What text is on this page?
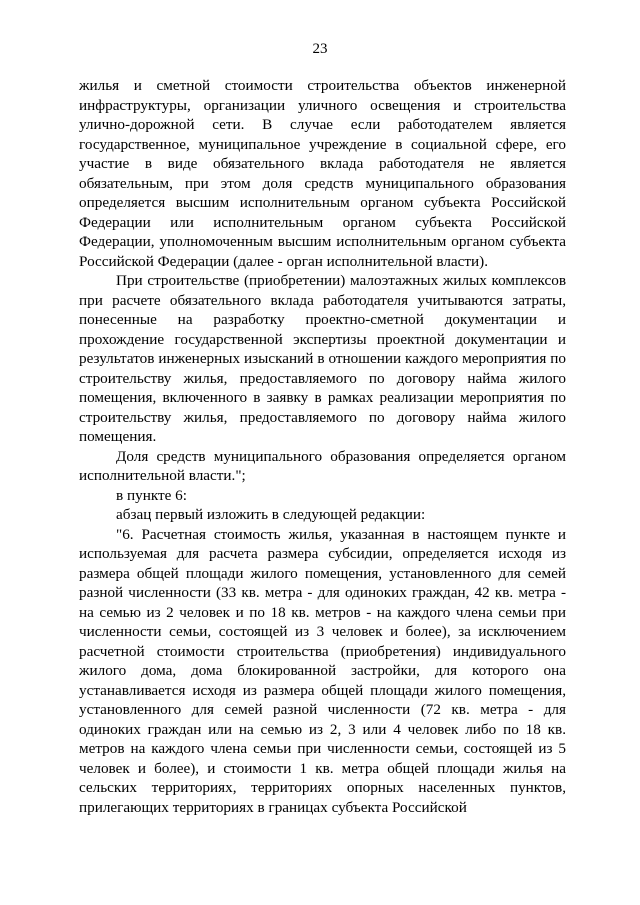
23

жилья и сметной стоимости строительства объектов инженерной инфраструктуры, организации уличного освещения и строительства улично-дорожной сети. В случае если работодателем является государственное, муниципальное учреждение в социальной сфере, его участие в виде обязательного вклада работодателя не является обязательным, при этом доля средств муниципального образования определяется высшим исполнительным органом субъекта Российской Федерации или исполнительным органом субъекта Российской Федерации, уполномоченным высшим исполнительным органом субъекта Российской Федерации (далее - орган исполнительной власти).

При строительстве (приобретении) малоэтажных жилых комплексов при расчете обязательного вклада работодателя учитываются затраты, понесенные на разработку проектно-сметной документации и прохождение государственной экспертизы проектной документации и результатов инженерных изысканий в отношении каждого мероприятия по строительству жилья, предоставляемого по договору найма жилого помещения, включенного в заявку в рамках реализации мероприятия по строительству жилья, предоставляемого по договору найма жилого помещения.

Доля средств муниципального образования определяется органом исполнительной власти.";

в пункте 6:

абзац первый изложить в следующей редакции:

"6. Расчетная стоимость жилья, указанная в настоящем пункте и используемая для расчета размера субсидии, определяется исходя из размера общей площади жилого помещения, установленного для семей разной численности (33 кв. метра - для одиноких граждан, 42 кв. метра - на семью из 2 человек и по 18 кв. метров - на каждого члена семьи при численности семьи, состоящей из 3 человек и более), за исключением расчетной стоимости строительства (приобретения) индивидуального жилого дома, дома блокированной застройки, для которого она устанавливается исходя из размера общей площади жилого помещения, установленного для семей разной численности (72 кв. метра - для одиноких граждан или на семью из 2, 3 или 4 человек либо по 18 кв. метров на каждого члена семьи при численности семьи, состоящей из 5 человек и более), и стоимости 1 кв. метра общей площади жилья на сельских территориях, территориях опорных населенных пунктов, прилегающих территориях в границах субъекта Российской
